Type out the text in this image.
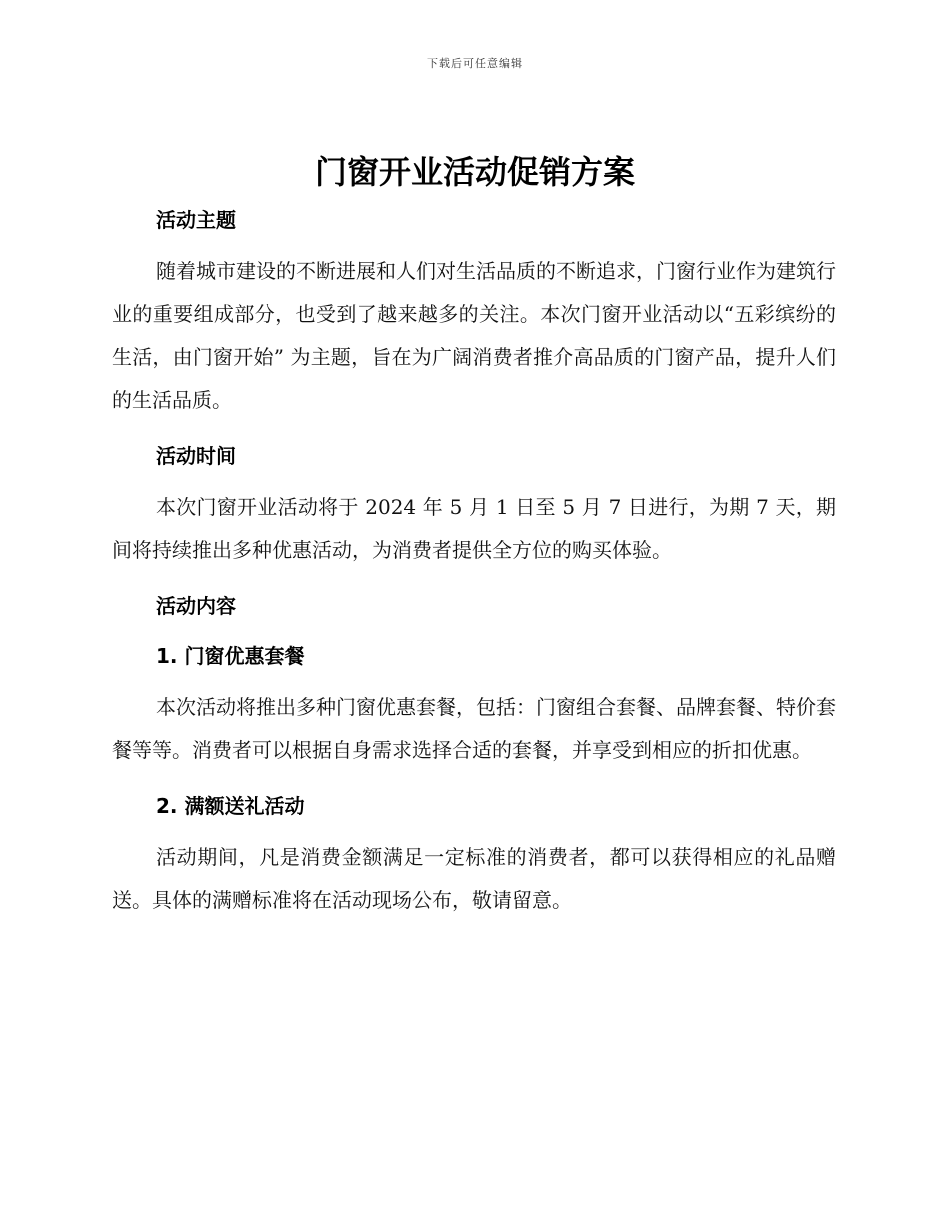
下载后可任意编辑
门窗开业活动促销方案
活动主题

随着城市建设的不断进展和人们对生活品质的不断追求，门窗行业作为建筑行业的重要组成部分，也受到了越来越多的关注。本次门窗开业活动以“五彩缤纷的生活，由门窗开始” 为主题，旨在为广阔消费者推介高品质的门窗产品，提升人们的生活品质。

活动时间

本次门窗开业活动将于 2024 年 5 月 1 日至 5 月 7 日进行，为期 7 天，期间将持续推出多种优惠活动，为消费者提供全方位的购买体验。

活动内容
1. 门窗优惠套餐

本次活动将推出多种门窗优惠套餐，包括：门窗组合套餐、品牌套餐、特价套餐等等。消费者可以根据自身需求选择合适的套餐，并享受到相应的折扣优惠。

2. 满额送礼活动

活动期间，凡是消费金额满足一定标准的消费者，都可以获得相应的礼品赠送。具体的满赠标准将在活动现场公布，敬请留意。
